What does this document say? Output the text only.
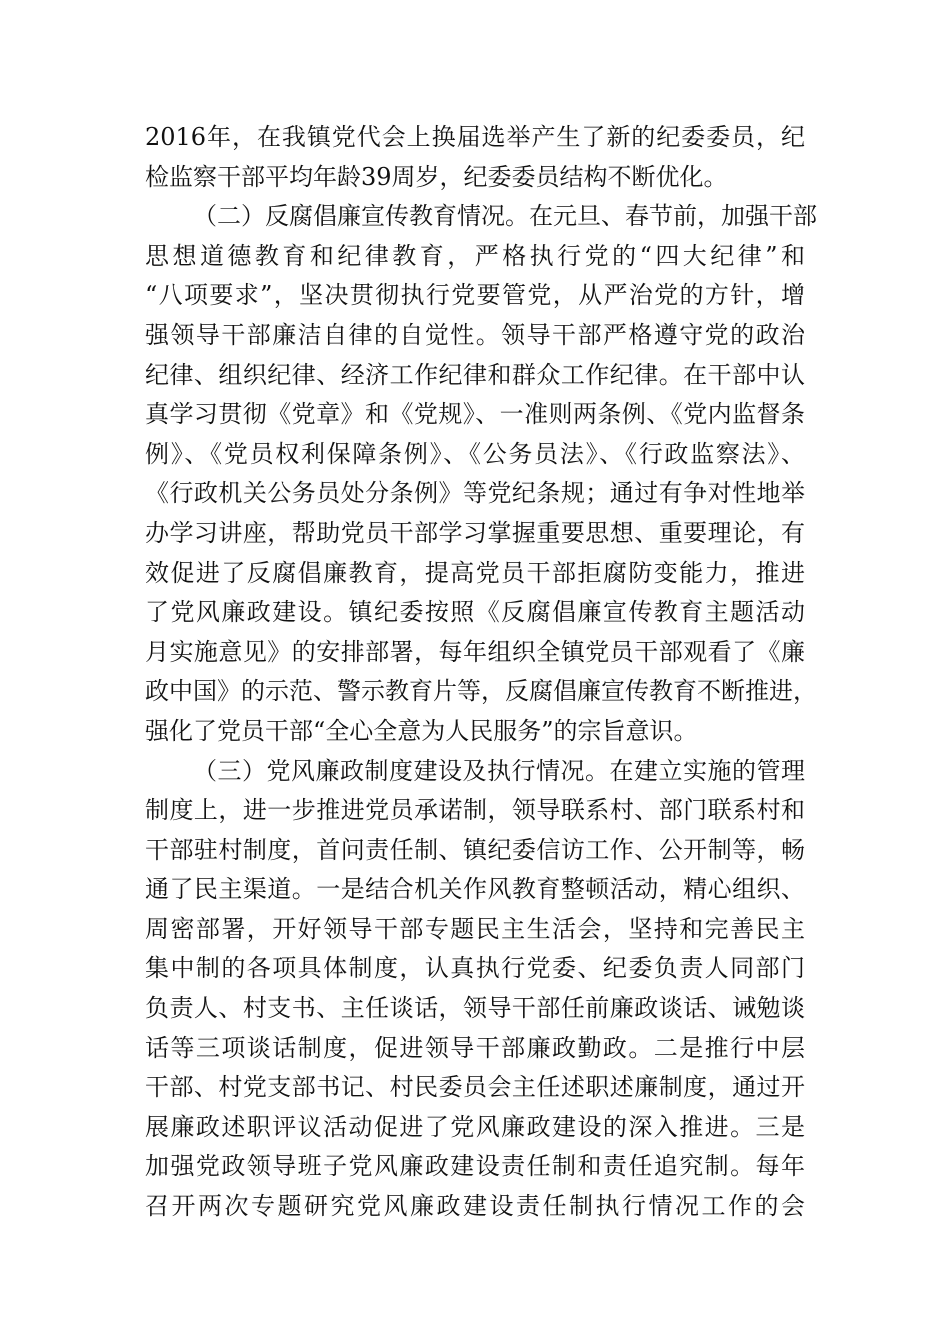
2016年，在我镇党代会上换届选举产生了新的纪委委员，纪
检监察干部平均年龄39周岁，纪委委员结构不断优化。
（二）反腐倡廉宣传教育情况。在元旦、春节前，加强干部
思想道德教育和纪律教育，严格执行党的“四大纪律”和
“八项要求”，坚决贯彻执行党要管党，从严治党的方针，增
强领导干部廉洁自律的自觉性。领导干部严格遵守党的政治
纪律、组织纪律、经济工作纪律和群众工作纪律。在干部中认
真学习贯彻《党章》和《党规》、一准则两条例、《党内监督条
例》、《党员权利保障条例》、《公务员法》、《行政监察法》、
《行政机关公务员处分条例》等党纪条规；通过有争对性地举
办学习讲座，帮助党员干部学习掌握重要思想、重要理论，有
效促进了反腐倡廉教育，提高党员干部拒腐防变能力，推进
了党风廉政建设。镇纪委按照《反腐倡廉宣传教育主题活动
月实施意见》的安排部署，每年组织全镇党员干部观看了《廉
政中国》的示范、警示教育片等，反腐倡廉宣传教育不断推进，
强化了党员干部“全心全意为人民服务”的宗旨意识。
（三）党风廉政制度建设及执行情况。在建立实施的管理
制度上，进一步推进党员承诺制，领导联系村、部门联系村和
干部驻村制度，首问责任制、镇纪委信访工作、公开制等，畅
通了民主渠道。一是结合机关作风教育整顿活动，精心组织、
周密部署，开好领导干部专题民主生活会，坚持和完善民主
集中制的各项具体制度，认真执行党委、纪委负责人同部门
负责人、村支书、主任谈话，领导干部任前廉政谈话、诫勉谈
话等三项谈话制度，促进领导干部廉政勤政。二是推行中层
干部、村党支部书记、村民委员会主任述职述廉制度，通过开
展廉政述职评议活动促进了党风廉政建设的深入推进。三是
加强党政领导班子党风廉政建设责任制和责任追究制。每年
召开两次专题研究党风廉政建设责任制执行情况工作的会
